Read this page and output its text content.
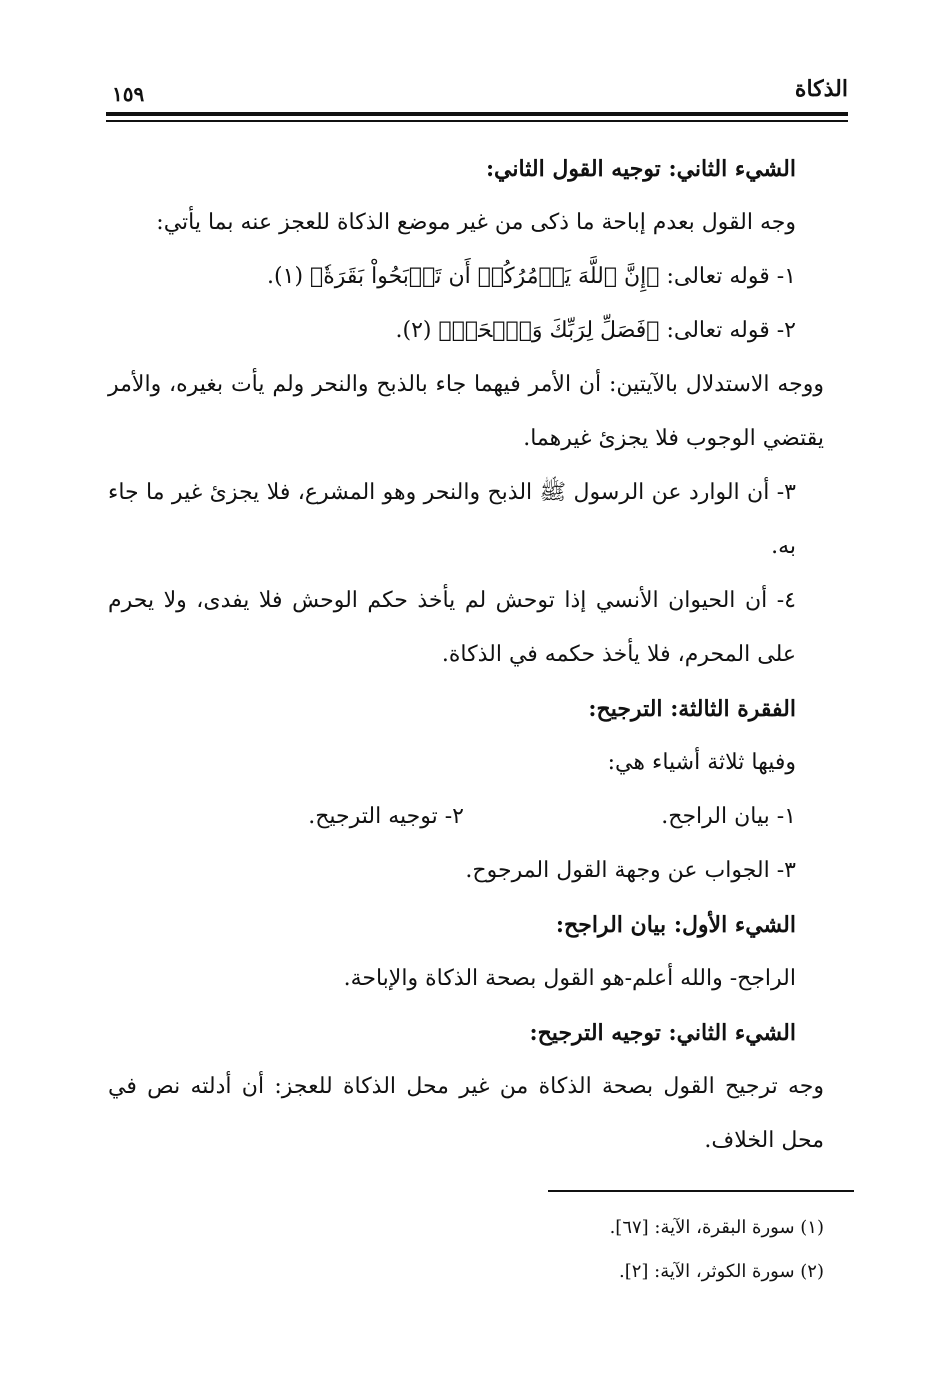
الذكاة
١٥٩

الشيء الثاني: توجيه القول الثاني:

وجه القول بعدم إباحة ما ذكى من غير موضع الذكاة للعجز عنه بما يأتي:

١- قوله تعالى: ﴿إِنَّ ٱللَّهَ يَأۡمُرُكُمۡ أَن تَذۡبَحُواْ بَقَرَةٗ﴾ (١).

٢- قوله تعالى: ﴿فَصَلِّ لِرَبِّكَ وَٱنۡحَرۡ﴾ (٢).

ووجه الاستدلال بالآيتين: أن الأمر فيهما جاء بالذبح والنحر ولم يأت بغيره، والأمر يقتضي الوجوب فلا يجزئ غيرهما.

٣- أن الوارد عن الرسول ﷺ الذبح والنحر وهو المشرع، فلا يجزئ غير ما جاء به.

٤- أن الحيوان الأنسي إذا توحش لم يأخذ حكم الوحش فلا يفدى، ولا يحرم على المحرم، فلا يأخذ حكمه في الذكاة.

الفقرة الثالثة: الترجيح:

وفيها ثلاثة أشياء هي:

١- بيان الراجح.
٢- توجيه الترجيح.

٣- الجواب عن وجهة القول المرجوح.

الشيء الأول: بيان الراجح:

الراجح- والله أعلم-هو القول بصحة الذكاة والإباحة.

الشيء الثاني: توجيه الترجيح:

وجه ترجيح القول بصحة الذكاة من غير محل الذكاة للعجز: أن أدلته نص في محل الخلاف.

(١) سورة البقرة، الآية: [٦٧].

(٢) سورة الكوثر، الآية: [٢].
